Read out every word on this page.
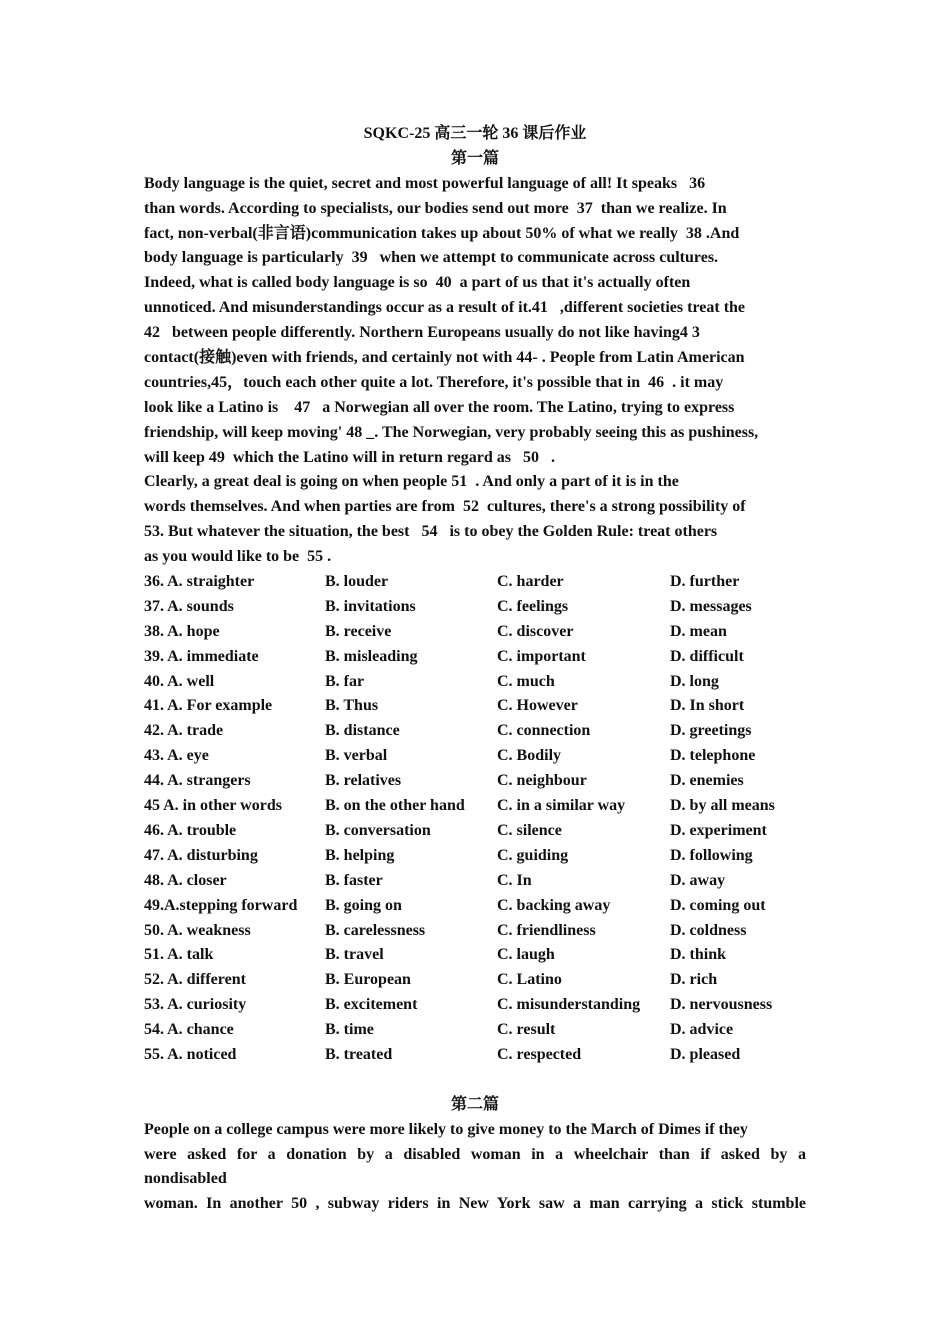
SQKC-25 高三一轮 36 课后作业
第一篇
Body language is the quiet, secret and most powerful language of all! It speaks   36
than words. According to specialists, our bodies send out more  37  than we realize. In
fact, non-verbal(非言语)communication takes up about 50% of what we really  38 .And
body language is particularly  39   when we attempt to communicate across cultures.
Indeed, what is called body language is so  40  a part of us that it's actually often
unnoticed. And misunderstandings occur as a result of it.41   ,different societies treat the
42   between people differently. Northern Europeans usually do not like having4 3
contact(接触)even with friends, and certainly not with 44- . People from Latin American
countries,45，touch each other quite a lot. Therefore, it's possible that in  46  . it may
look like a Latino is    47   a Norwegian all over the room. The Latino, trying to express
friendship, will keep moving' 48 _. The Norwegian, very probably seeing this as pushiness,
will keep 49  which the Latino will in return regard as   50   .
Clearly, a great deal is going on when people 51  . And only a part of it is in the
words themselves. And when parties are from  52  cultures, there's a strong possibility of
53. But whatever the situation, the best   54   is to obey the Golden Rule: treat others
as you would like to be  55 .
36. A. straighter	B. louder	C. harder	D. further
37. A. sounds	B. invitations	C. feelings	D. messages
38. A. hope	B. receive	C. discover	D. mean
39. A. immediate	B. misleading	C. important	D. difficult
40. A. well	B. far	C. much	D. long
41. A. For example	B. Thus	C. However	D. In short
42. A. trade	B. distance	C. connection	D. greetings
43. A. eye	B. verbal	C. Bodily	D. telephone
44. A. strangers	B. relatives	C. neighbour	D. enemies
45 A. in other words	B. on the other hand	C. in a similar way	D. by all means
46. A. trouble	B. conversation	C. silence	D. experiment
47. A. disturbing	B. helping	C. guiding	D. following
48. A. closer	B. faster	C. In	D. away
49.A.stepping forward	B. going on	C. backing away	D. coming out
50. A. weakness	B. carelessness	C. friendliness	D. coldness
51. A. talk	B. travel	C. laugh	D. think
52. A. different	B. European	C. Latino	D. rich
53. A. curiosity	B. excitement	C. misunderstanding	D. nervousness
54. A. chance	B. time	C. result	D. advice
55. A. noticed	B. treated	C. respected	D. pleased
第二篇
People on a college campus were more likely to give money to the March of Dimes if they
were asked for a donation by a disabled woman in a wheelchair than if asked by a
nondisabled
woman. In another 50 , subway riders in New York saw a man carrying a stick stumble
